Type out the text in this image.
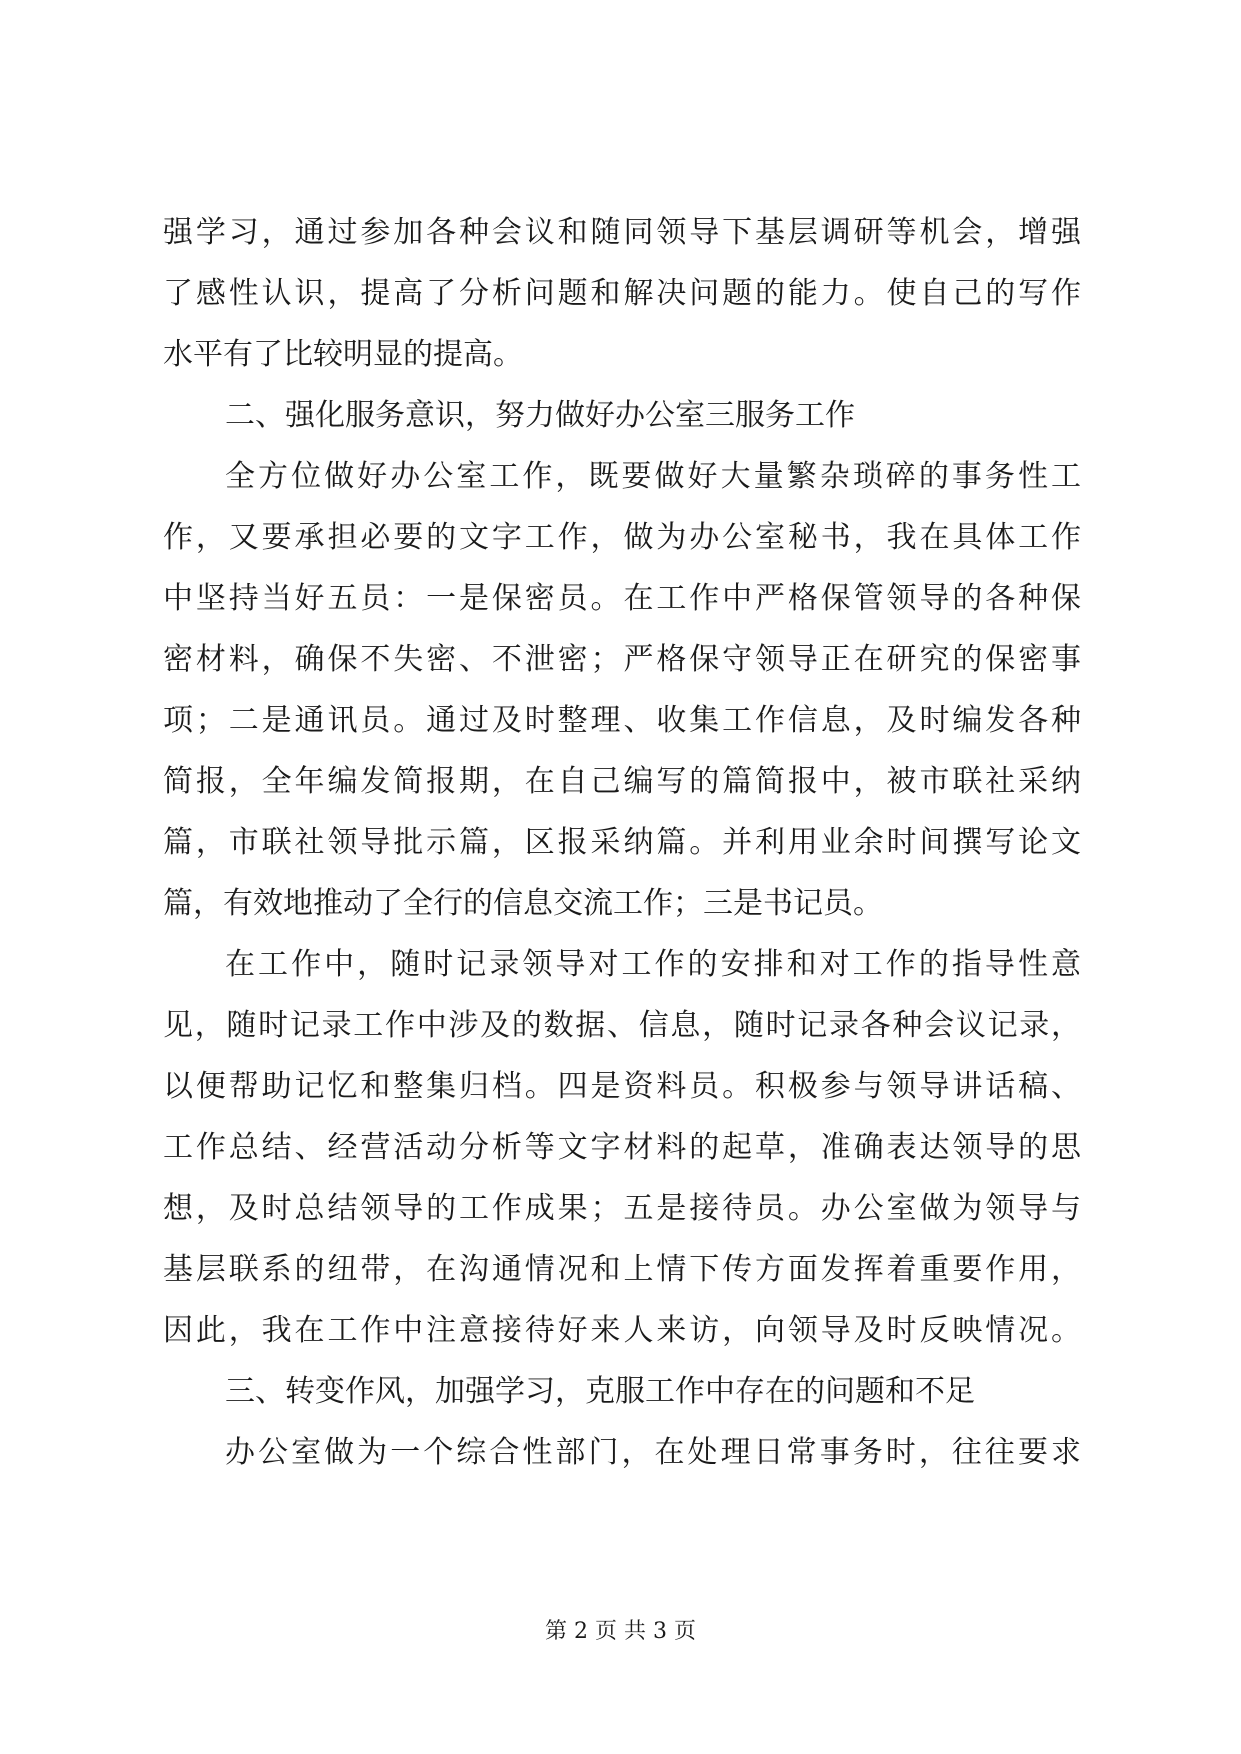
强学习，通过参加各种会议和随同领导下基层调研等机会，增强
了感性认识，提高了分析问题和解决问题的能力。使自己的写作
水平有了比较明显的提高。
二、强化服务意识，努力做好办公室三服务工作
全方位做好办公室工作，既要做好大量繁杂琐碎的事务性工
作，又要承担必要的文字工作，做为办公室秘书，我在具体工作
中坚持当好五员：一是保密员。在工作中严格保管领导的各种保
密材料，确保不失密、不泄密；严格保守领导正在研究的保密事
项；二是通讯员。通过及时整理、收集工作信息，及时编发各种
简报，全年编发简报期，在自己编写的篇简报中，被市联社采纳
篇，市联社领导批示篇，区报采纳篇。并利用业余时间撰写论文
篇，有效地推动了全行的信息交流工作；三是书记员。
在工作中，随时记录领导对工作的安排和对工作的指导性意
见，随时记录工作中涉及的数据、信息，随时记录各种会议记录，
以便帮助记忆和整集归档。四是资料员。积极参与领导讲话稿、
工作总结、经营活动分析等文字材料的起草，准确表达领导的思
想，及时总结领导的工作成果；五是接待员。办公室做为领导与
基层联系的纽带，在沟通情况和上情下传方面发挥着重要作用，
因此，我在工作中注意接待好来人来访，向领导及时反映情况。
三、转变作风，加强学习，克服工作中存在的问题和不足
办公室做为一个综合性部门，在处理日常事务时，往往要求
第 2 页 共 3 页
